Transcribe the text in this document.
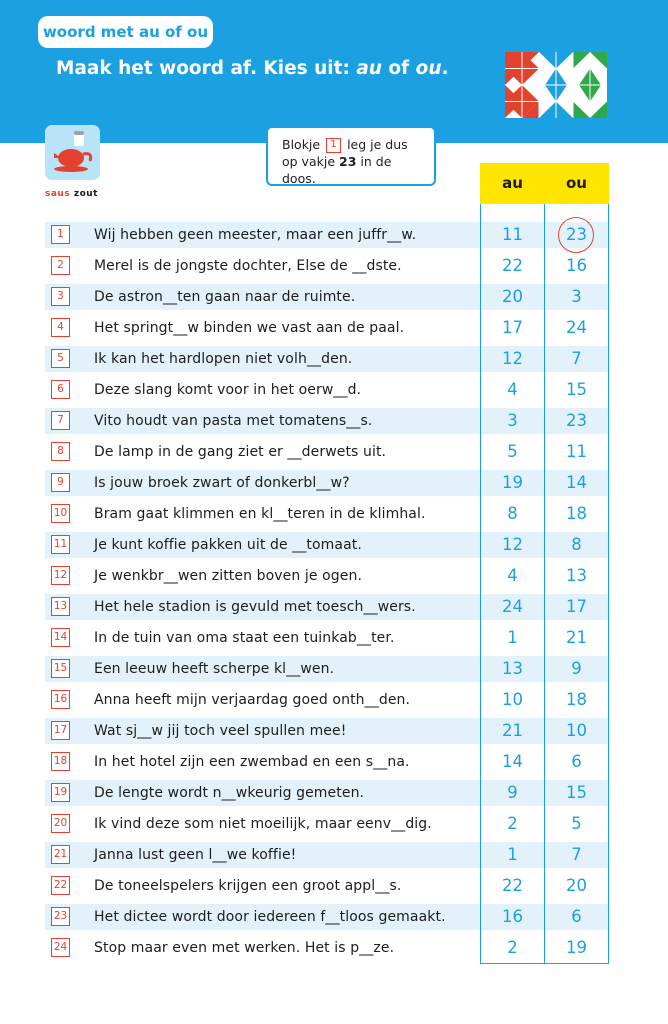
woord met au of ou
Maak het woord af. Kies uit: au of ou.
saus zout
Blokje 1 leg je dus
op vakje 23 in de doos.	au	ou
1	Wij hebben geen meester, maar een juffr__w.	11	23
2	Merel is de jongste dochter, Else de __dste.	22	16
3	De astron__ten gaan naar de ruimte.	20	3
4	Het springt__w binden we vast aan de paal.	17	24
5	Ik kan het hardlopen niet volh__den.	12	7
6	Deze slang komt voor in het oerw__d.	4	15
7	Vito houdt van pasta met tomatens__s.	3	23
8	De lamp in de gang ziet er __derwets uit.	5	11
9	Is jouw broek zwart of donkerbl__w?	19	14
10 Bram gaat klimmen en kl__teren in de klimhal.	8	18
11 Je kunt koffie pakken uit de __tomaat.	12	8
12 Je wenkbr__wen zitten boven je ogen.	4	13
13 Het hele stadion is gevuld met toesch__wers.	24	17
14 In de tuin van oma staat een tuinkab__ter.	1	21
15 Een leeuw heeft scherpe kl__wen.	13	9
16 Anna heeft mijn verjaardag goed onth__den.	10	18
17 Wat sj__w jij toch veel spullen mee!	21	10
18 In het hotel zijn een zwembad en een s__na.	14	6
19 De lengte wordt n__wkeurig gemeten.	9	15
20 Ik vind deze som niet moeilijk, maar eenv__dig.	2	5
21 Janna lust geen l__we koffie!	1	7
22 De toneelspelers krijgen een groot appl__s.	22	20
23 Het dictee wordt door iedereen f__tloos gemaakt.	16	6
24 Stop maar even met werken. Het is p__ze.	2	19
